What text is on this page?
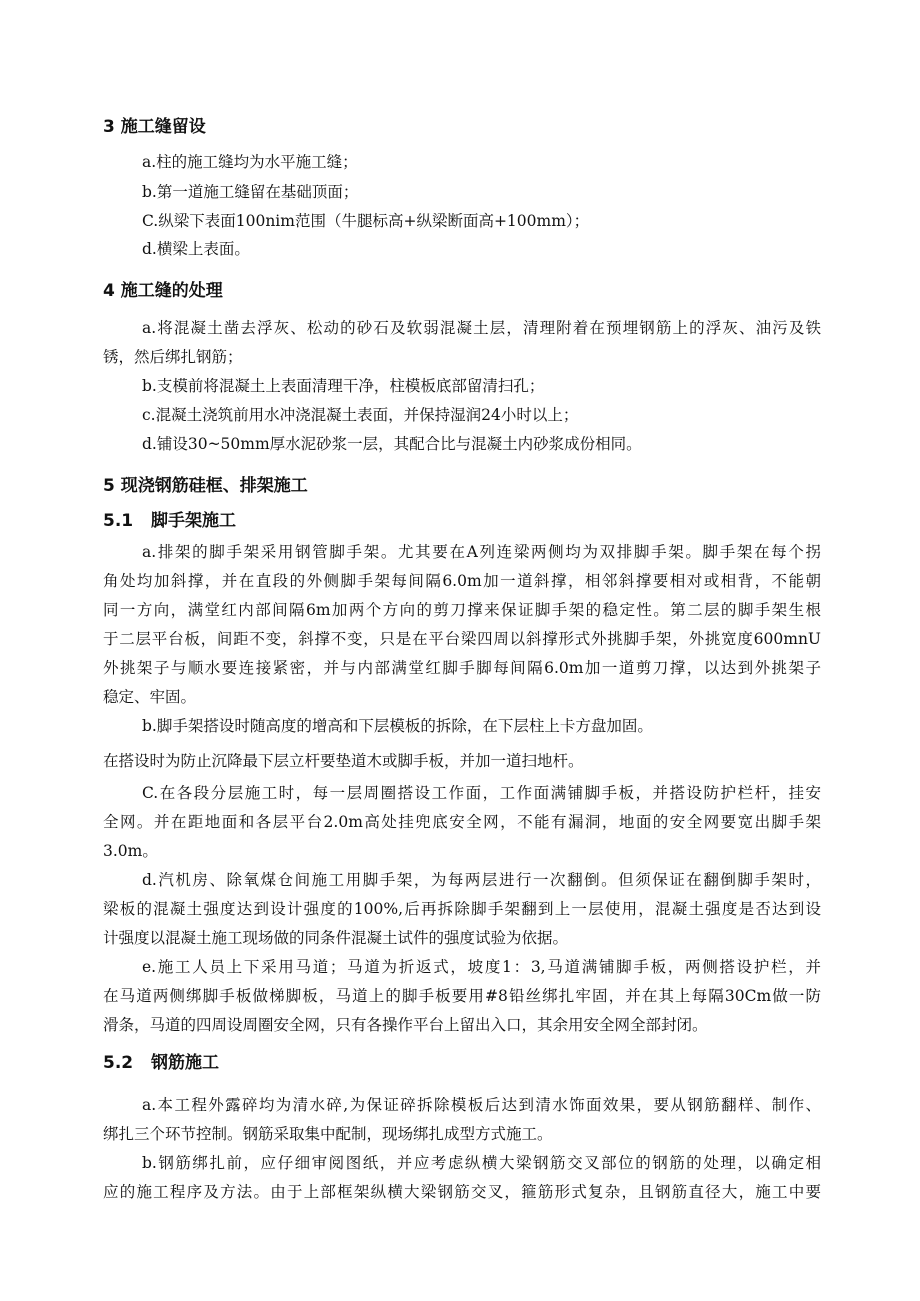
3 施工缝留设
a.柱的施工缝均为水平施工缝；
b.第一道施工缝留在基础顶面；
C.纵梁下表面100nim范围（牛腿标高+纵梁断面高+100mm）；
d.横梁上表面。
4 施工缝的处理
a.将混凝土凿去浮灰、松动的砂石及软弱混凝土层，清理附着在预埋钢筋上的浮灰、油污及铁
锈，然后绑扎钢筋；
b.支模前将混凝土上表面清理干净，柱模板底部留清扫孔；
c.混凝土浇筑前用水冲浇混凝土表面，并保持湿润24小时以上；
d.铺设30~50mm厚水泥砂浆一层，其配合比与混凝土内砂浆成份相同。
5 现浇钢筋硅框、排架施工
5.1 脚手架施工
a.排架的脚手架采用钢管脚手架。尤其要在A列连梁两侧均为双排脚手架。脚手架在每个拐
角处均加斜撑，并在直段的外侧脚手架每间隔6.0m加一道斜撑，相邻斜撑要相对或相背，不能朝
同一方向，满堂红内部间隔6m加两个方向的剪刀撑来保证脚手架的稳定性。第二层的脚手架生根
于二层平台板，间距不变，斜撑不变，只是在平台梁四周以斜撑形式外挑脚手架，外挑宽度600mnU
外挑架子与顺水要连接紧密，并与内部满堂红脚手脚每间隔6.0m加一道剪刀撑，以达到外挑架子
稳定、牢固。
b.脚手架搭设时随高度的增高和下层模板的拆除，在下层柱上卡方盘加固。
在搭设时为防止沉降最下层立杆要垫道木或脚手板，并加一道扫地杆。
C.在各段分层施工时，每一层周圈搭设工作面，工作面满铺脚手板，并搭设防护栏杆，挂安
全网。并在距地面和各层平台2.0m高处挂兜底安全网，不能有漏洞，地面的安全网要宽出脚手架
3.0m。
d.汽机房、除氧煤仓间施工用脚手架，为每两层进行一次翻倒。但须保证在翻倒脚手架时，
梁板的混凝土强度达到设计强度的100%,后再拆除脚手架翻到上一层使用，混凝土强度是否达到设
计强度以混凝土施工现场做的同条件混凝土试件的强度试验为依据。
e.施工人员上下采用马道；马道为折返式，坡度1：3,马道满铺脚手板，两侧搭设护栏，并
在马道两侧绑脚手板做梯脚板，马道上的脚手板要用#8铅丝绑扎牢固，并在其上每隔30Cm做一防
滑条，马道的四周设周圈安全网，只有各操作平台上留出入口，其余用安全网全部封闭。
5.2 钢筋施工
a.本工程外露碎均为清水碎,为保证碎拆除模板后达到清水饰面效果，要从钢筋翻样、制作、
绑扎三个环节控制。钢筋采取集中配制，现场绑扎成型方式施工。
b.钢筋绑扎前，应仔细审阅图纸，并应考虑纵横大梁钢筋交叉部位的钢筋的处理，以确定相
应的施工程序及方法。由于上部框架纵横大梁钢筋交叉，箍筋形式复杂，且钢筋直径大，施工中要
